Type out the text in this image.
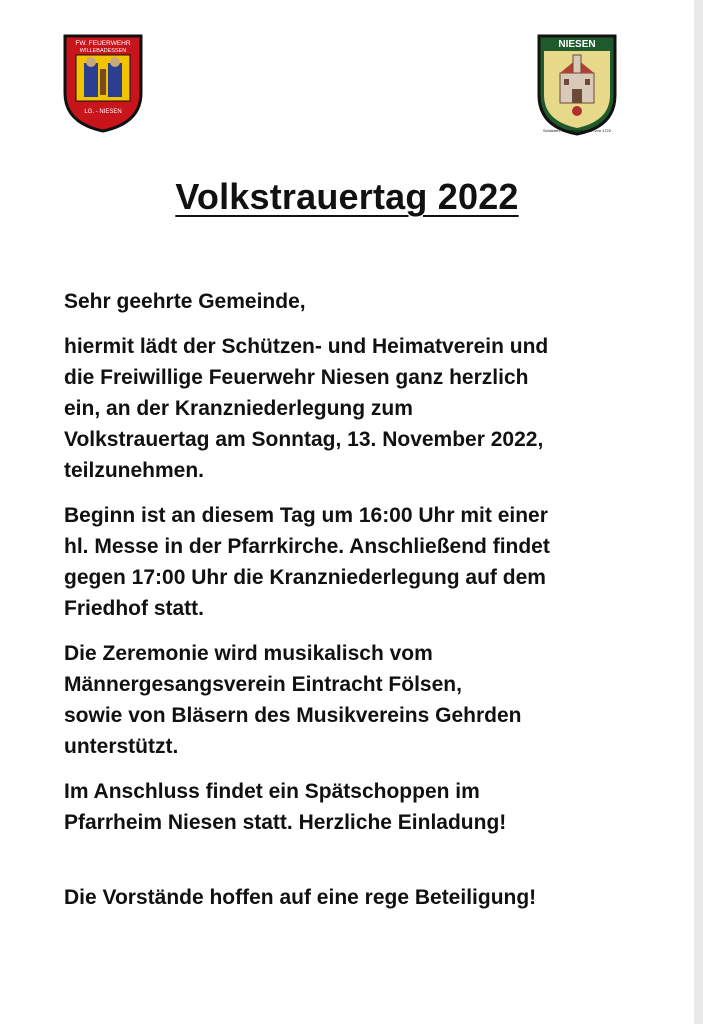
FW. FEUERWEHR
WILLEBADESSEN
LG. - NIESEN
NIESEN
Schützen- und Heimatverein von 1722
Volkstrauertag 2022

Sehr geehrte Gemeinde,

hiermit lädt der Schützen- und Heimatverein und
die Freiwillige Feuerwehr Niesen ganz herzlich
ein, an der Kranzniederlegung zum
Volkstrauertag am Sonntag, 13. November 2022,
teilzunehmen.

Beginn ist an diesem Tag um 16:00 Uhr mit einer
hl. Messe in der Pfarrkirche. Anschließend findet
gegen 17:00 Uhr die Kranzniederlegung auf dem
Friedhof statt.

Die Zeremonie wird musikalisch vom
Männergesangsverein Eintracht Fölsen,
sowie von Bläsern des Musikvereins Gehrden
unterstützt.

Im Anschluss findet ein Spätschoppen im
Pfarrheim Niesen statt. Herzliche Einladung!

Die Vorstände hoffen auf eine rege Beteiligung!
